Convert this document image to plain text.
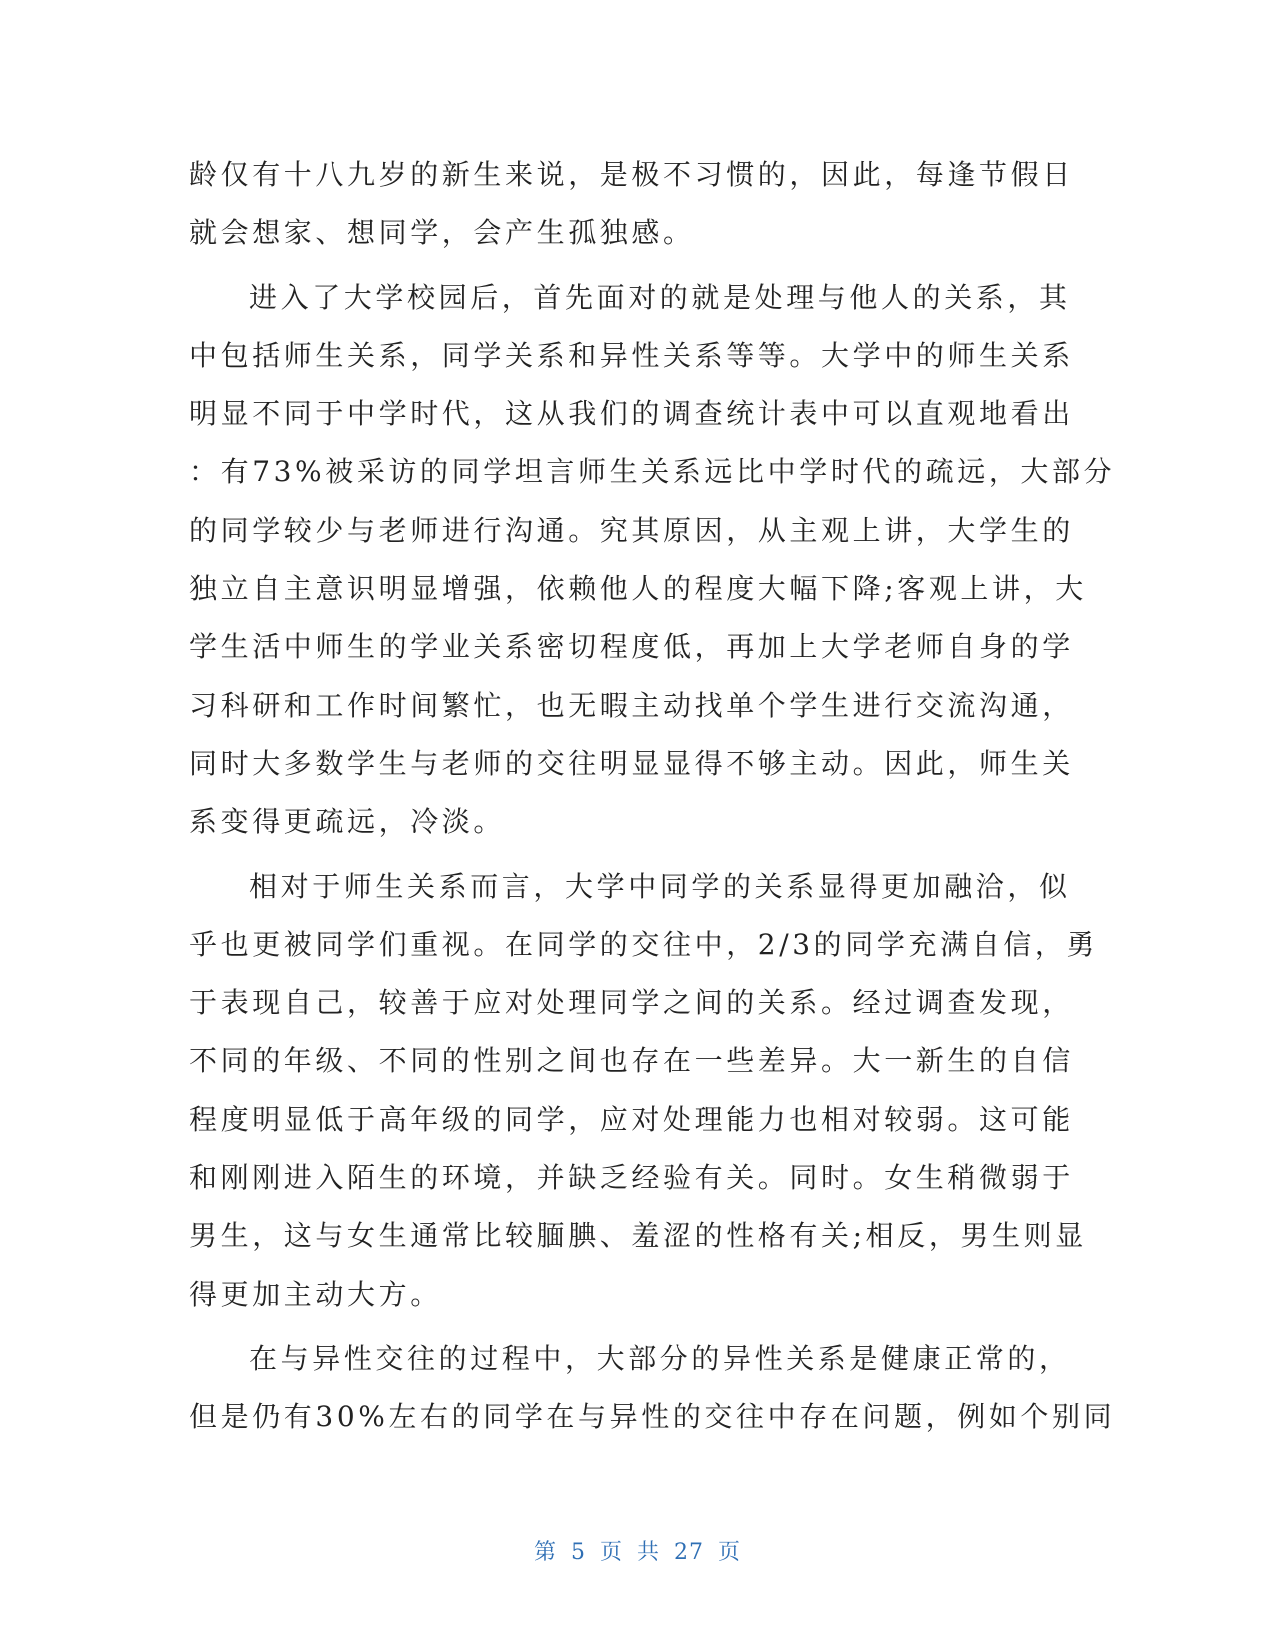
龄仅有十八九岁的新生来说，是极不习惯的，因此，每逢节假日
就会想家、想同学，会产生孤独感。
进入了大学校园后，首先面对的就是处理与他人的关系，其
中包括师生关系，同学关系和异性关系等等。大学中的师生关系
明显不同于中学时代，这从我们的调查统计表中可以直观地看出
：有73%被采访的同学坦言师生关系远比中学时代的疏远，大部分
的同学较少与老师进行沟通。究其原因，从主观上讲，大学生的
独立自主意识明显增强，依赖他人的程度大幅下降;客观上讲，大
学生活中师生的学业关系密切程度低，再加上大学老师自身的学
习科研和工作时间繁忙，也无暇主动找单个学生进行交流沟通，
同时大多数学生与老师的交往明显显得不够主动。因此，师生关
系变得更疏远，冷淡。
相对于师生关系而言，大学中同学的关系显得更加融洽，似
乎也更被同学们重视。在同学的交往中，2/3的同学充满自信，勇
于表现自己，较善于应对处理同学之间的关系。经过调查发现，
不同的年级、不同的性别之间也存在一些差异。大一新生的自信
程度明显低于高年级的同学，应对处理能力也相对较弱。这可能
和刚刚进入陌生的环境，并缺乏经验有关。同时。女生稍微弱于
男生，这与女生通常比较腼腆、羞涩的性格有关;相反，男生则显
得更加主动大方。
在与异性交往的过程中，大部分的异性关系是健康正常的，
但是仍有30%左右的同学在与异性的交往中存在问题，例如个别同
第 5 页 共 27 页
